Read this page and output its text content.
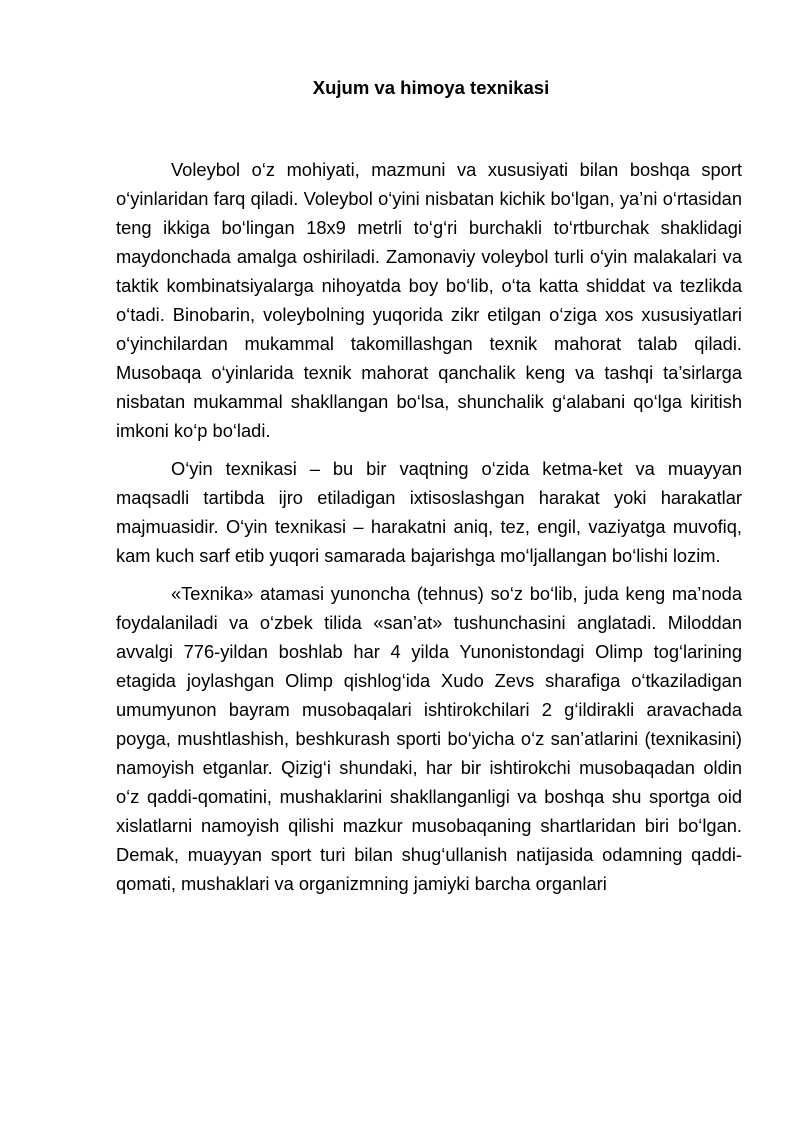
Xujum va himoya texnikasi

Voleybol o‘z mohiyati, mazmuni va xususiyati bilan boshqa sport o‘yinlaridan farq qiladi. Voleybol o‘yini nisbatan kichik bo‘lgan, ya’ni o‘rtasidan teng ikkiga bo‘lingan 18x9 metrli to‘g‘ri burchakli to‘rtburchak shaklidagi maydonchada amalga oshiriladi. Zamonaviy voleybol turli o‘yin malakalari va taktik kombinatsiyalarga nihoyatda boy bo‘lib, o‘ta katta shiddat va tezlikda o‘tadi. Binobarin, voleybolning yuqorida zikr etilgan o‘ziga xos xususiyatlari o‘yinchilardan mukammal takomillashgan texnik mahorat talab qiladi. Musobaqa o‘yinlarida texnik mahorat qanchalik keng va tashqi ta’sirlarga nisbatan mukammal shakllangan bo‘lsa, shunchalik g‘alabani qo‘lga kiritish imkoni ko‘p bo‘ladi.

O‘yin texnikasi – bu bir vaqtning o‘zida ketma-ket va muayyan maqsadli tartibda ijro etiladigan ixtisoslashgan harakat yoki harakatlar majmuasidir. O‘yin texnikasi – harakatni aniq, tez, engil, vaziyatga muvofiq, kam kuch sarf etib yuqori samarada bajarishga mo‘ljallangan bo‘lishi lozim.

«Texnika» atamasi yunoncha (tehnus) so‘z bo‘lib, juda keng ma’noda foydalaniladi va o‘zbek tilida «san’at» tushunchasini anglatadi. Miloddan avvalgi 776-yildan boshlab har 4 yilda Yunonistondagi Olimp tog‘larining etagida joylashgan Olimp qishlog‘ida Xudo Zevs sharafiga o‘tkaziladigan umumyunon bayram musobaqalari ishtirokchilari 2 g‘ildirakli aravachada poyga, mushtlashish, beshkurash sporti bo‘yicha o‘z san’atlarini (texnikasini) namoyish etganlar. Qizig‘i shundaki, har bir ishtirokchi musobaqadan oldin o‘z qaddi-qomatini, mushaklarini shakllanganligi va boshqa shu sportga oid xislatlarni namoyish qilishi mazkur musobaqaning shartlaridan biri bo‘lgan. Demak, muayyan sport turi bilan shug‘ullanish natijasida odamning qaddi-qomati, mushaklari va organizmning jamiyki barcha organlari
